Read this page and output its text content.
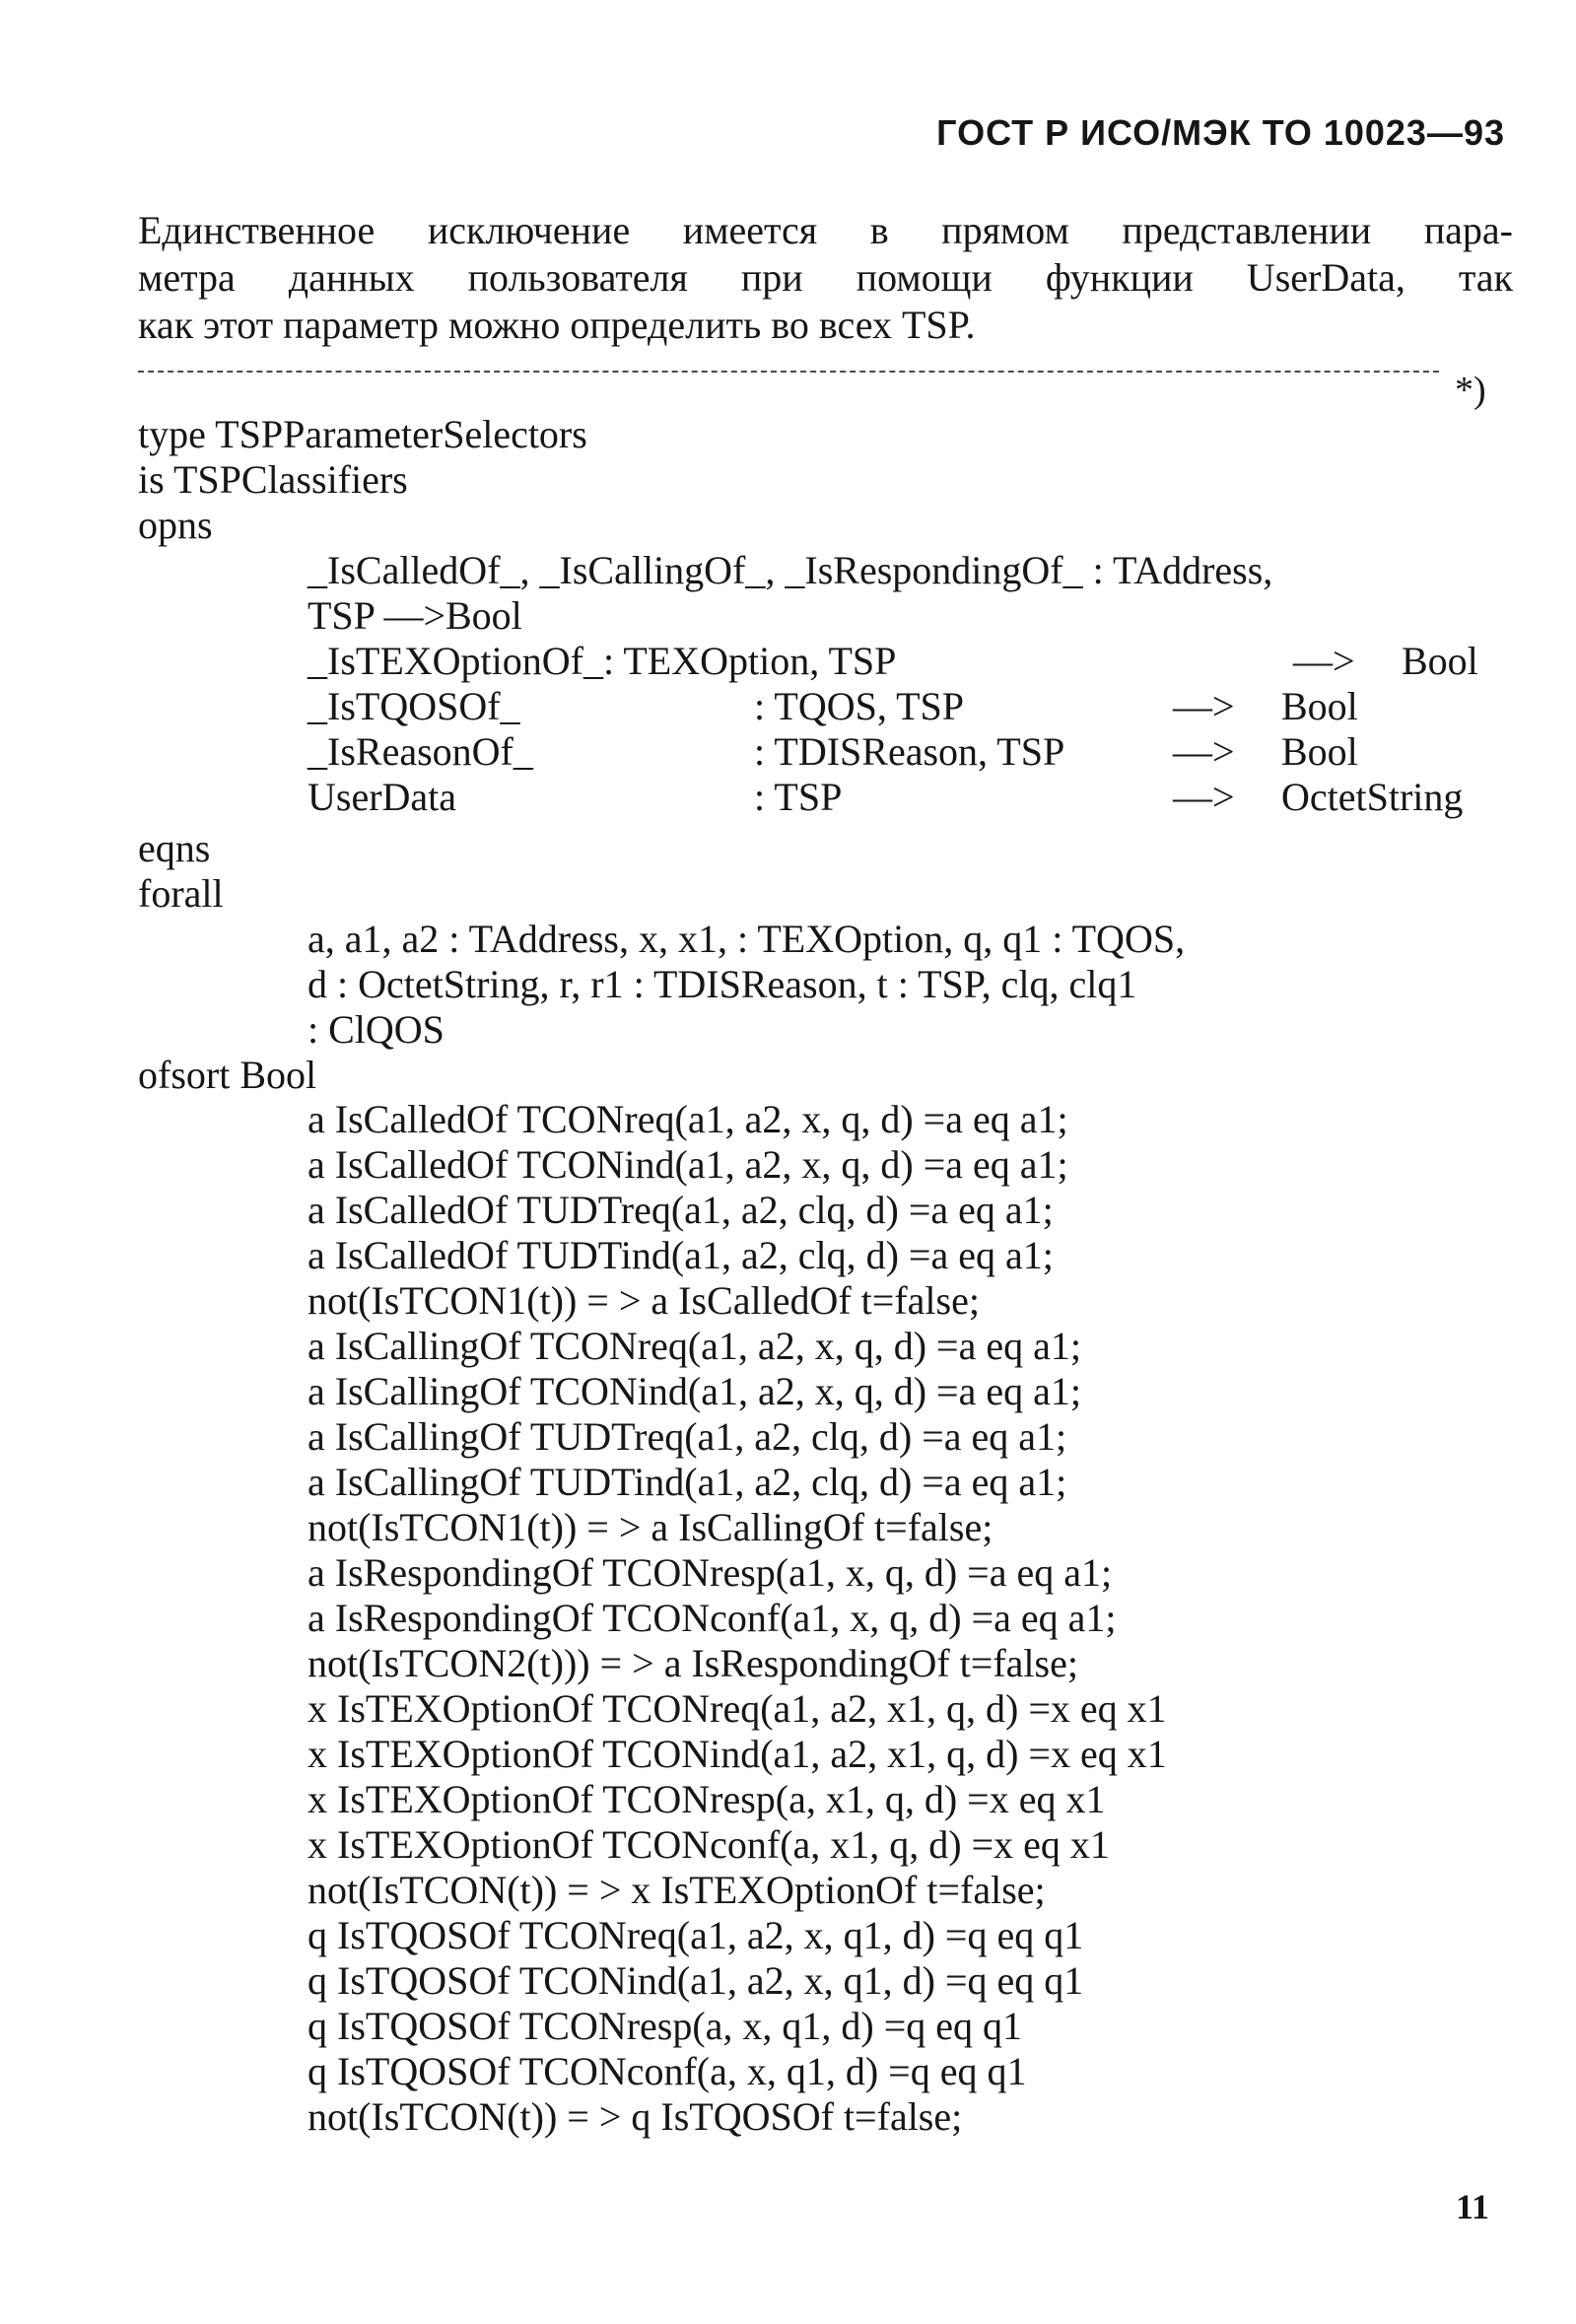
ГОСТ Р ИСО/МЭК ТО 10023—93
Единственное исключение имеется в прямом представлении пара-
метра данных пользователя при помощи функции UserData, так
как этот параметр можно определить во всех TSP.
*)
type TSPParameterSelectors
is TSPClassifiers
opns
_IsCalledOf_, _IsCallingOf_, _IsRespondingOf_ : TAddress,
TSP —>Bool
_IsTEXOptionOf_: TEXOption, TSP	—> Bool
_IsTQOSOf_	: TQOS, TSP	—> Bool
_IsReasonOf_	: TDISReason, TSP	—> Bool
UserData	: TSP	—> OctetString
eqns
forall
a, a1, a2 : TAddress, x, x1, : TEXOption, q, q1 : TQOS,
d : OctetString, r, r1 : TDISReason, t : TSP, clq, clq1
: ClQOS
ofsort Bool
a IsCalledOf TCONreq(a1, a2, x, q, d) =a eq a1;
a IsCalledOf TCONind(a1, a2, x, q, d) =a eq a1;
a IsCalledOf TUDTreq(a1, a2, clq, d) =a eq a1;
a IsCalledOf TUDTind(a1, a2, clq, d) =a eq a1;
not(IsTCON1(t)) = > a IsCalledOf t=false;
a IsCallingOf TCONreq(a1, a2, x, q, d) =a eq a1;
a IsCallingOf TCONind(a1, a2, x, q, d) =a eq a1;
a IsCallingOf TUDTreq(a1, a2, clq, d) =a eq a1;
a IsCallingOf TUDTind(a1, a2, clq, d) =a eq a1;
not(IsTCON1(t)) = > a IsCallingOf t=false;
a IsRespondingOf TCONresp(a1, x, q, d) =a eq a1;
a IsRespondingOf TCONconf(a1, x, q, d) =a eq a1;
not(IsTCON2(t))) = > a IsRespondingOf t=false;
x IsTEXOptionOf TCONreq(a1, a2, x1, q, d) =x eq x1
x IsTEXOptionOf TCONind(a1, a2, x1, q, d) =x eq x1
x IsTEXOptionOf TCONresp(a, x1, q, d) =x eq x1
x IsTEXOptionOf TCONconf(a, x1, q, d) =x eq x1
not(IsTCON(t)) = > x IsTEXOptionOf t=false;
q IsTQOSOf TCONreq(a1, a2, x, q1, d) =q eq q1
q IsTQOSOf TCONind(a1, a2, x, q1, d) =q eq q1
q IsTQOSOf TCONresp(a, x, q1, d) =q eq q1
q IsTQOSOf TCONconf(a, x, q1, d) =q eq q1
not(IsTCON(t)) = > q IsTQOSOf t=false;
11
